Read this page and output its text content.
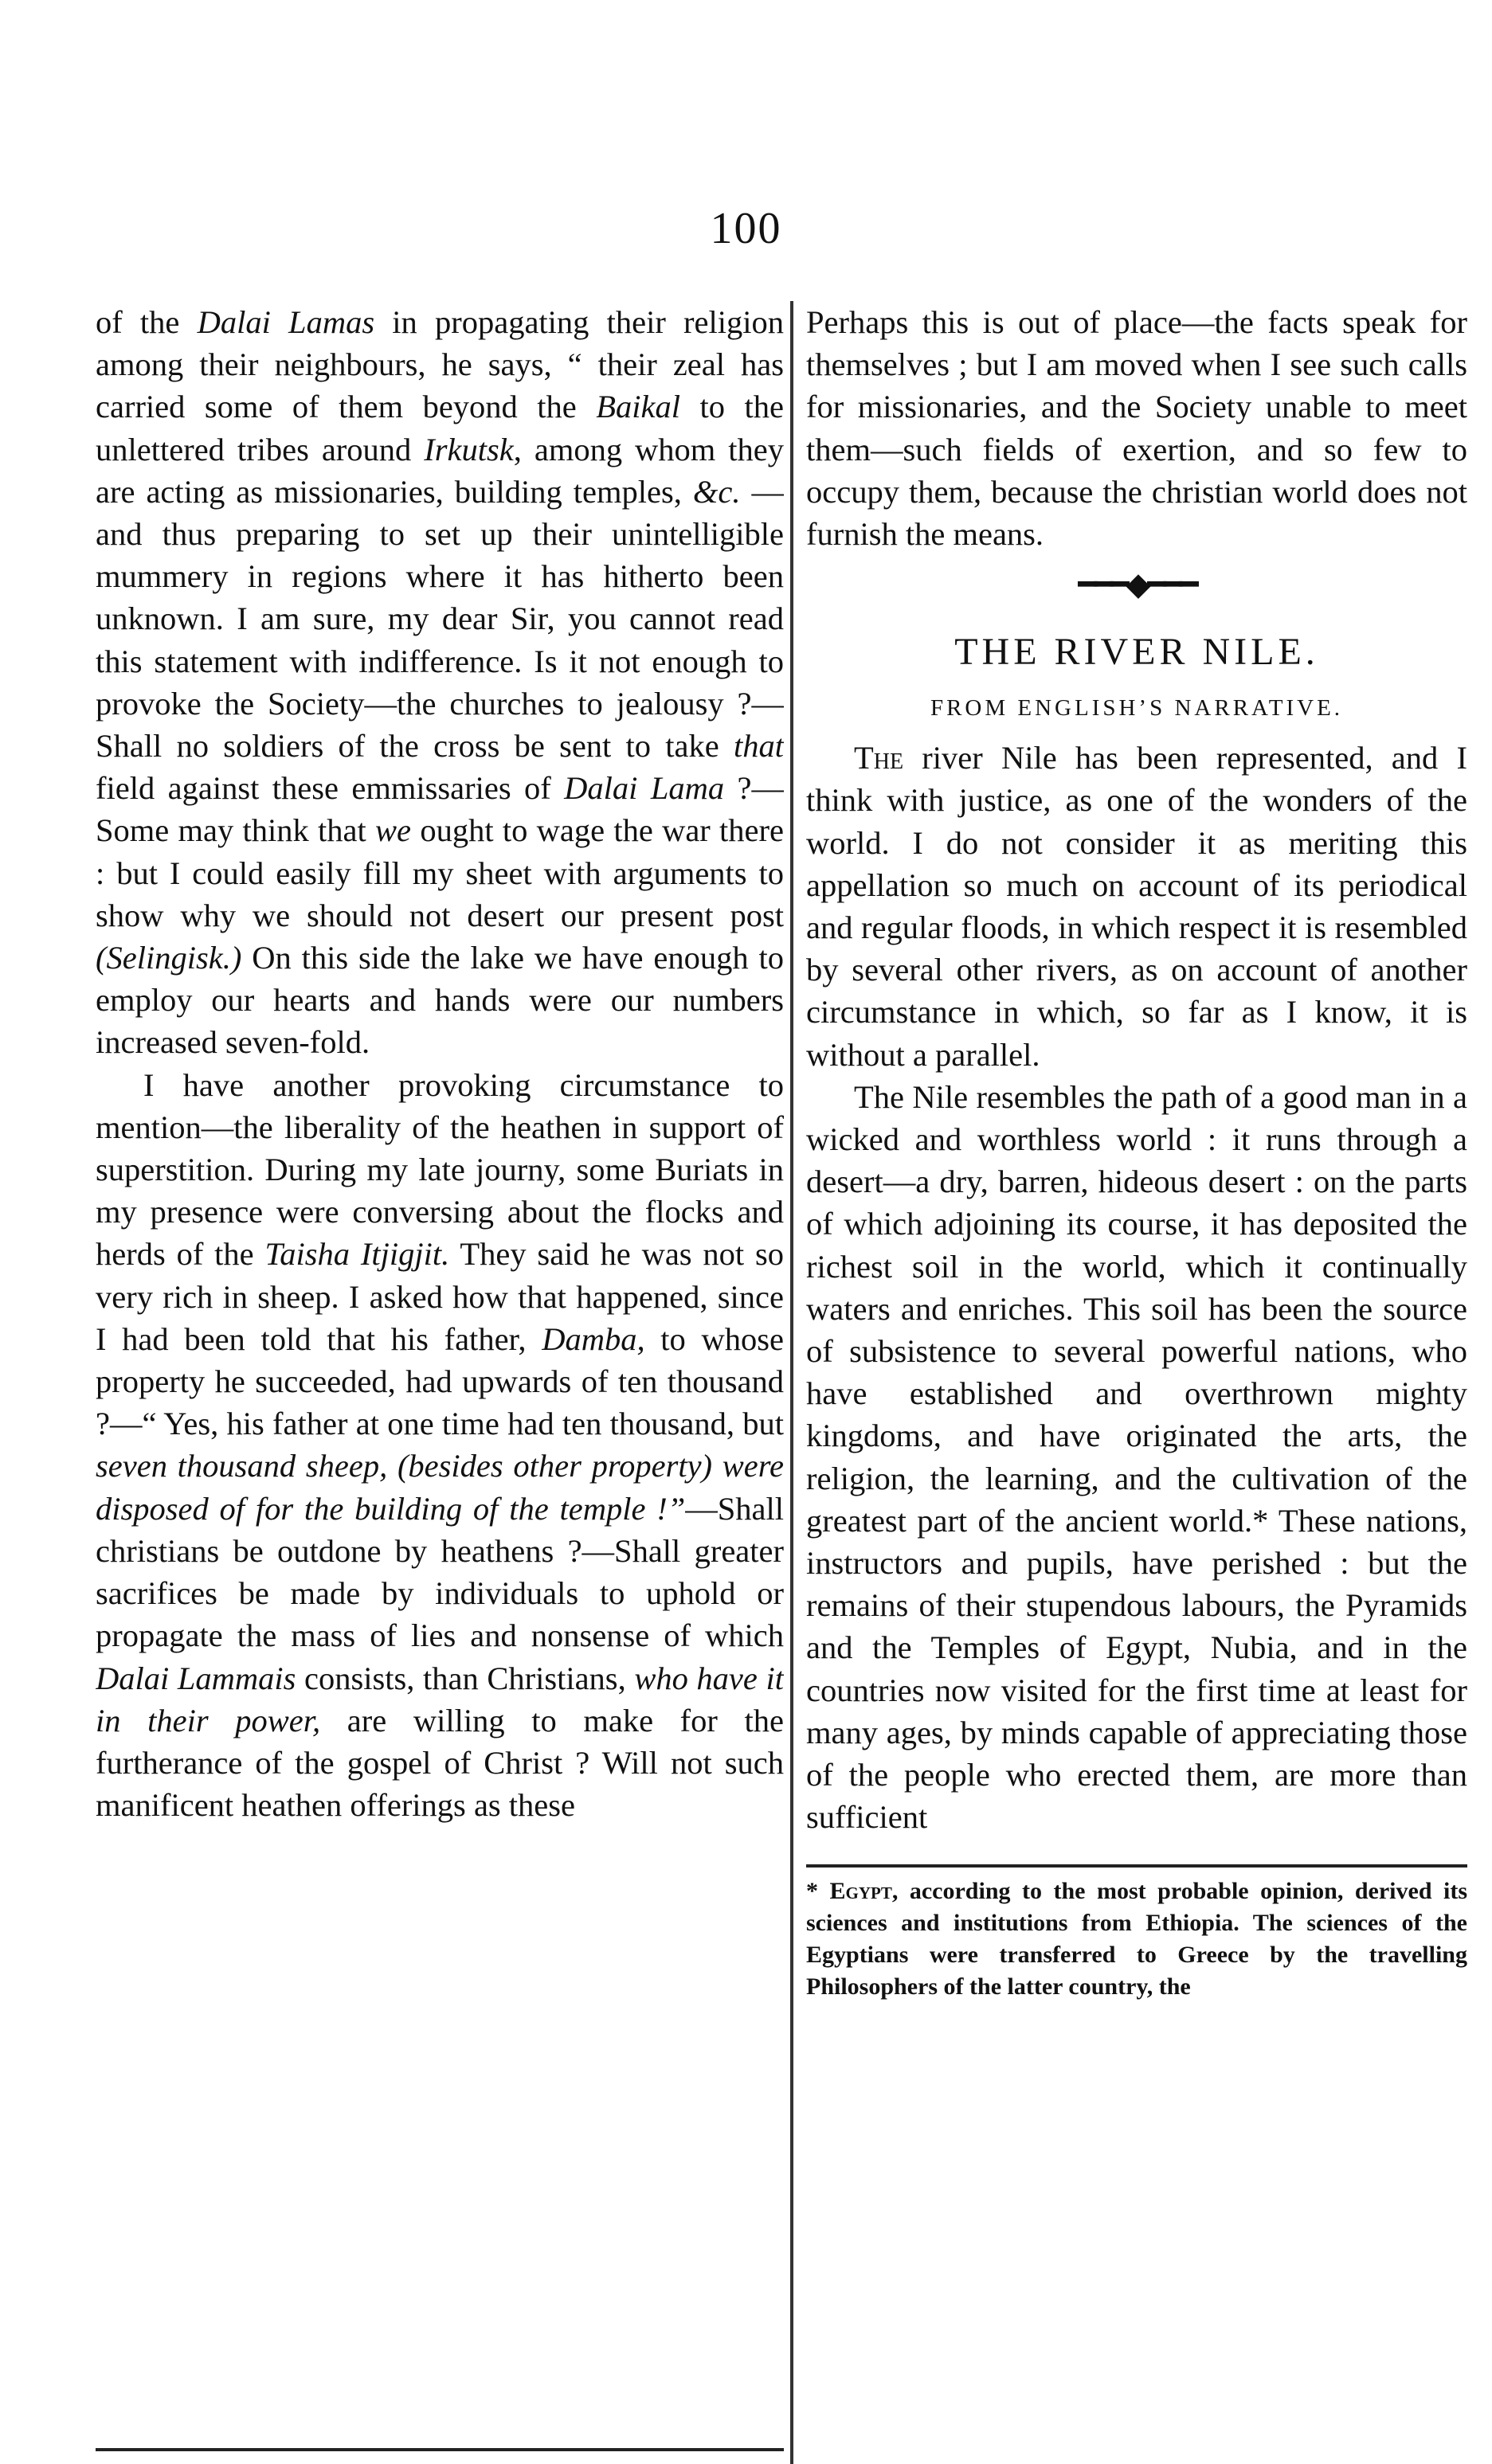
100

of the Dalai Lamas in propagating their religion among their neighbours, he says, “ their zeal has carried some of them beyond the Baikal to the unlettered tribes around Irkutsk, among whom they are acting as missionaries, building temples, &c. — and thus preparing to set up their unintelligible mummery in regions where it has hitherto been unknown. I am sure, my dear Sir, you cannot read this statement with indifference. Is it not enough to provoke the Society—the churches to jealousy ?—Shall no soldiers of the cross be sent to take that field against these emmissaries of Dalai Lama ?—Some may think that we ought to wage the war there : but I could easily fill my sheet with arguments to show why we should not desert our present post (Selingisk.) On this side the lake we have enough to employ our hearts and hands were our numbers increased seven-fold.

I have another provoking circumstance to mention—the liberality of the heathen in support of superstition. During my late journy, some Buriats in my presence were conversing about the flocks and herds of the Taisha Itjigjit. They said he was not so very rich in sheep. I asked how that happened, since I had been told that his father, Damba, to whose property he succeeded, had upwards of ten thousand ?—“ Yes, his father at one time had ten thousand, but seven thousand sheep, (besides other property) were disposed of for the building of the temple !”—Shall christians be outdone by heathens ?—Shall greater sacrifices be made by individuals to uphold or propagate the mass of lies and nonsense of which Dalai Lammais consists, than Christians, who have it in their power, are willing to make for the furtherance of the gospel of Christ ? Will not such manificent heathen offerings as these

Perhaps this is out of place—the facts speak for themselves ; but I am moved when I see such calls for missionaries, and the Society unable to meet them—such fields of exertion, and so few to occupy them, because the christian world does not furnish the means.

━━━◆━━━
THE RIVER NILE.
FROM ENGLISH’S NARRATIVE.

The river Nile has been represented, and I think with justice, as one of the wonders of the world. I do not consider it as meriting this appellation so much on account of its periodical and regular floods, in which respect it is resembled by several other rivers, as on account of another circumstance in which, so far as I know, it is without a parallel.

The Nile resembles the path of a good man in a wicked and worthless world : it runs through a desert—a dry, barren, hideous desert : on the parts of which adjoining its course, it has deposited the richest soil in the world, which it continually waters and enriches. This soil has been the source of subsistence to several powerful nations, who have established and overthrown mighty kingdoms, and have originated the arts, the religion, the learning, and the cultivation of the greatest part of the ancient world.* These nations, instructors and pupils, have perished : but the remains of their stupendous labours, the Pyramids and the Temples of Egypt, Nubia, and in the countries now visited for the first time at least for many ages, by minds capable of appreciating those of the people who erected them, are more than sufficient

* Egypt, according to the most probable opinion, derived its sciences and institutions from Ethiopia. The sciences of the Egyptians were transferred to Greece by the travelling Philosophers of the latter country, the
